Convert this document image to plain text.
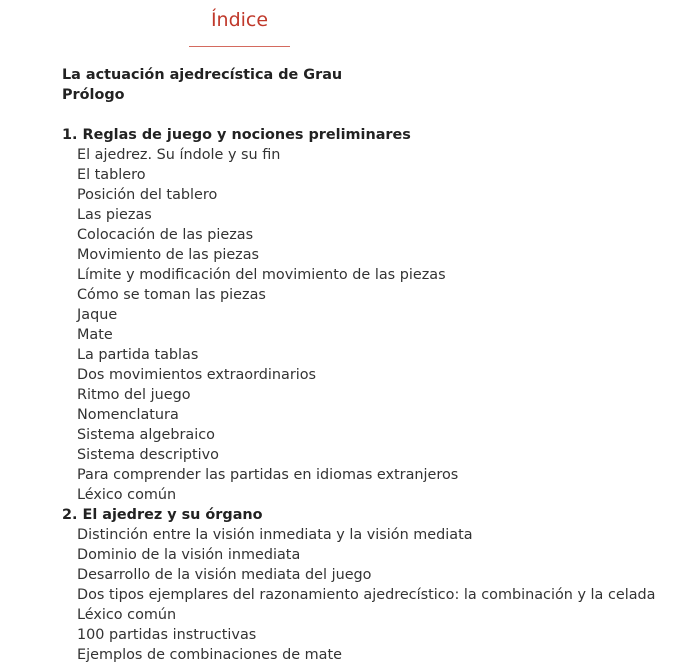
Índice
La actuación ajedrecística de Grau
Prólogo
1. Reglas de juego y nociones preliminares
El ajedrez. Su índole y su fin
El tablero
Posición del tablero
Las piezas
Colocación de las piezas
Movimiento de las piezas
Límite y modificación del movimiento de las piezas
Cómo se toman las piezas
Jaque
Mate
La partida tablas
Dos movimientos extraordinarios
Ritmo del juego
Nomenclatura
Sistema algebraico
Sistema descriptivo
Para comprender las partidas en idiomas extranjeros
Léxico común
2. El ajedrez y su órgano
Distinción entre la visión inmediata y la visión mediata
Dominio de la visión inmediata
Desarrollo de la visión mediata del juego
Dos tipos ejemplares del razonamiento ajedrecístico: la combinación y la celada
Léxico común
100 partidas instructivas
Ejemplos de combinaciones de mate
